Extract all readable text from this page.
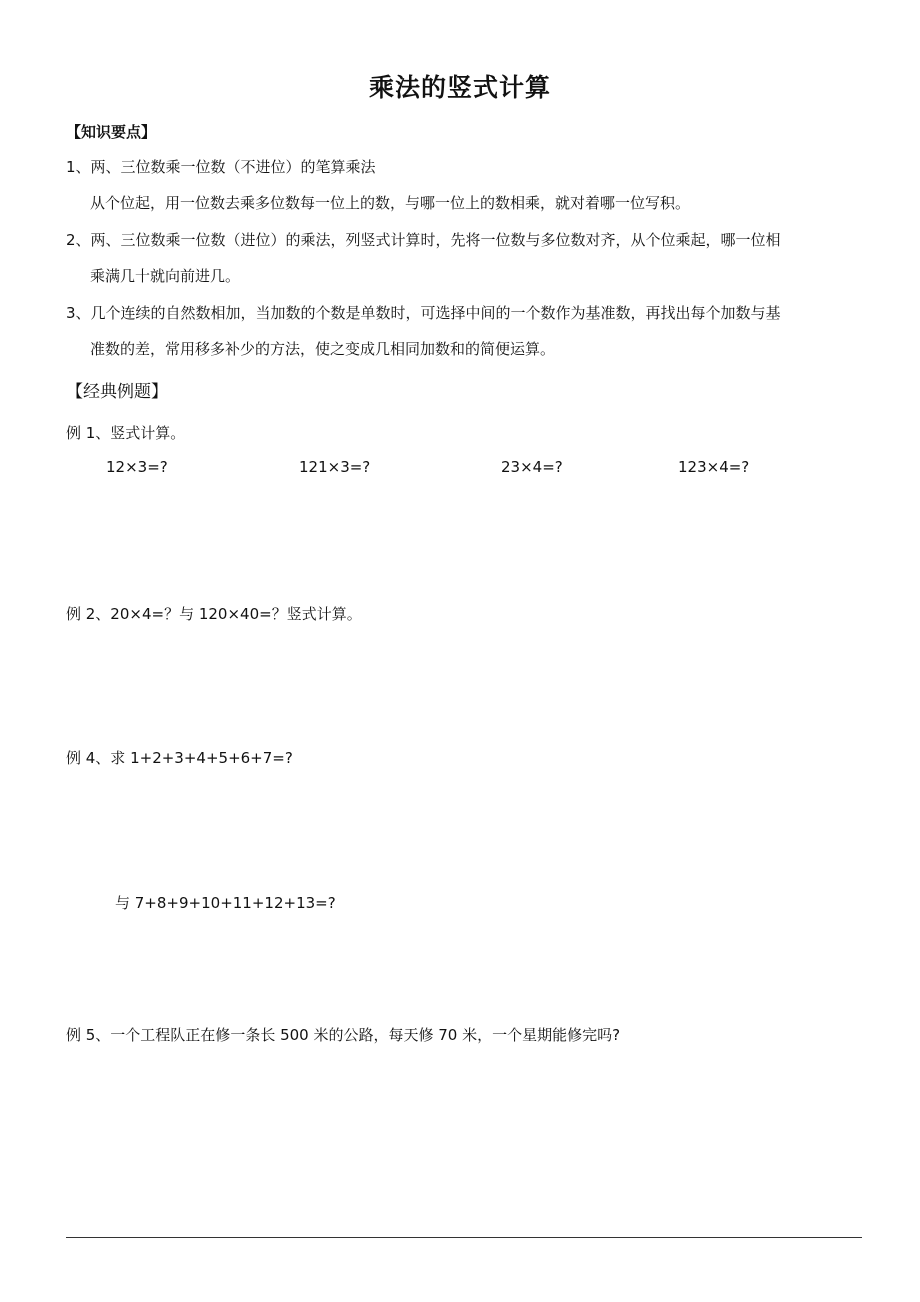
乘法的竖式计算
【知识要点】
1、两、三位数乘一位数（不进位）的笔算乘法
从个位起，用一位数去乘多位数每一位上的数，与哪一位上的数相乘，就对着哪一位写积。
2、两、三位数乘一位数（进位）的乘法，列竖式计算时，先将一位数与多位数对齐，从个位乘起，哪一位相
乘满几十就向前进几。
3、几个连续的自然数相加，当加数的个数是单数时，可选择中间的一个数作为基准数，再找出每个加数与基
准数的差，常用移多补少的方法，使之变成几相同加数和的简便运算。
【经典例题】
例 1、竖式计算。
12×3=?	121×3=?	23×4=?	123×4=?
例 2、20×4=？与 120×40=？竖式计算。
例 4、求 1+2+3+4+5+6+7=?
与 7+8+9+10+11+12+13=?
例 5、一个工程队正在修一条长 500 米的公路，每天修 70 米，一个星期能修完吗?
